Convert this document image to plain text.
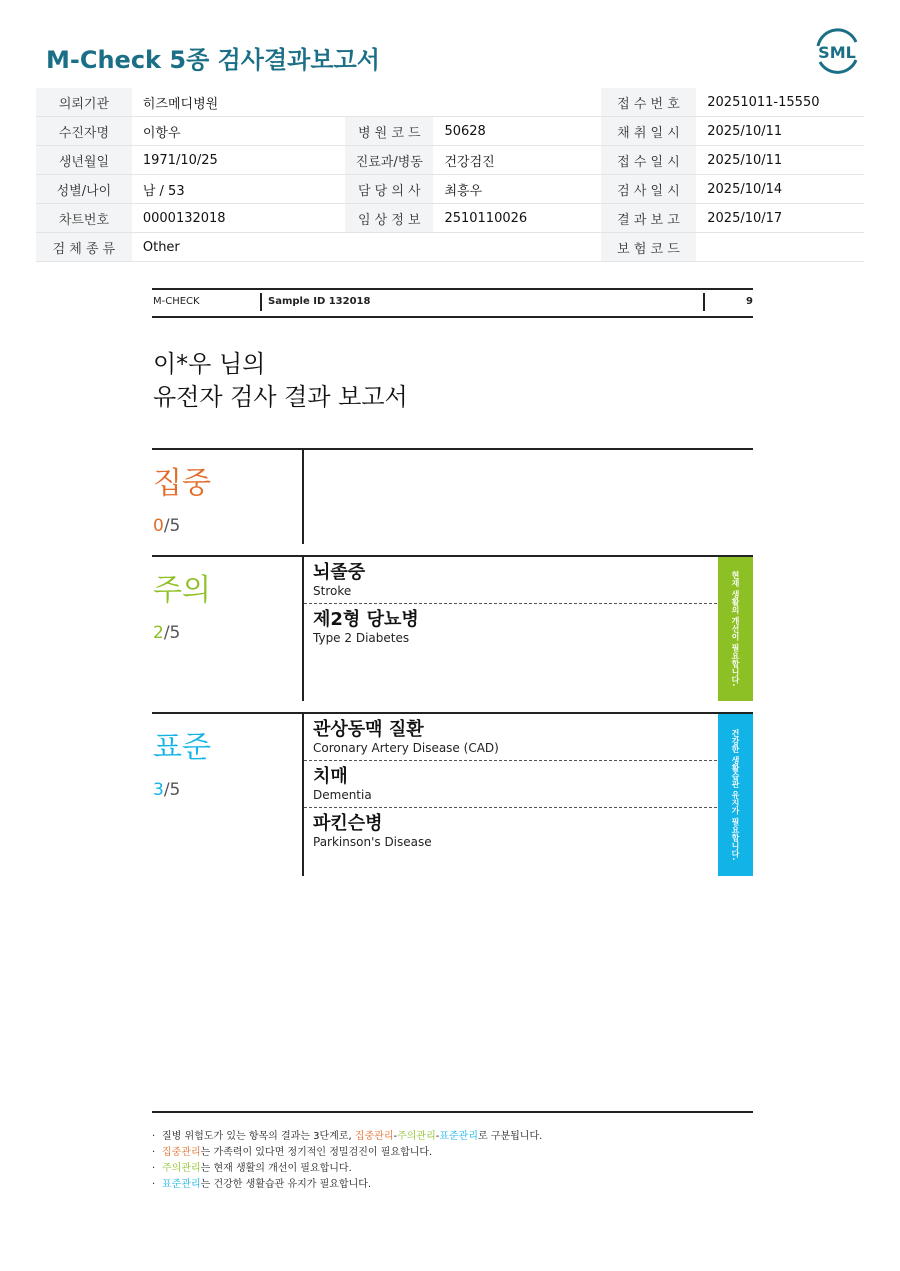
M-Check 5종 검사결과보고서	SML
의뢰기관	히즈메디병원			접 수 번 호	20251011-15550
수진자명	이항우	병 원 코 드	50628	채 취 일 시	2025/10/11
생년월일	1971/10/25	진료과/병동	건강검진	접 수 일 시	2025/10/11
성별/나이	남 / 53	담 당 의 사	최흥우	검 사 일 시	2025/10/14
차트번호	0000132018	임 상 정 보	2510110026	결 과 보 고	2025/10/17
검 체 종 류	Other			보 험 코 드	
M-CHECK	Sample ID 132018	9
이*우 님의
유전자 검사 결과 보고서
집중
0/5
주의
2/5
뇌졸중
Stroke
제2형 당뇨병
Type 2 Diabetes	현재 생활의 개선이 필요합니다.
표준
3/5
관상동맥 질환
Coronary Artery Disease (CAD)
치매
Dementia
파킨슨병
Parkinson's Disease	건강한 생활습관 유지가 필요합니다.
· 질병 위험도가 있는 항목의 결과는 3단계로, 집중관리-주의관리-표준관리로 구분됩니다.
· 집중관리는 가족력이 있다면 정기적인 정밀검진이 필요합니다.
· 주의관리는 현재 생활의 개선이 필요합니다.
· 표준관리는 건강한 생활습관 유지가 필요합니다.
